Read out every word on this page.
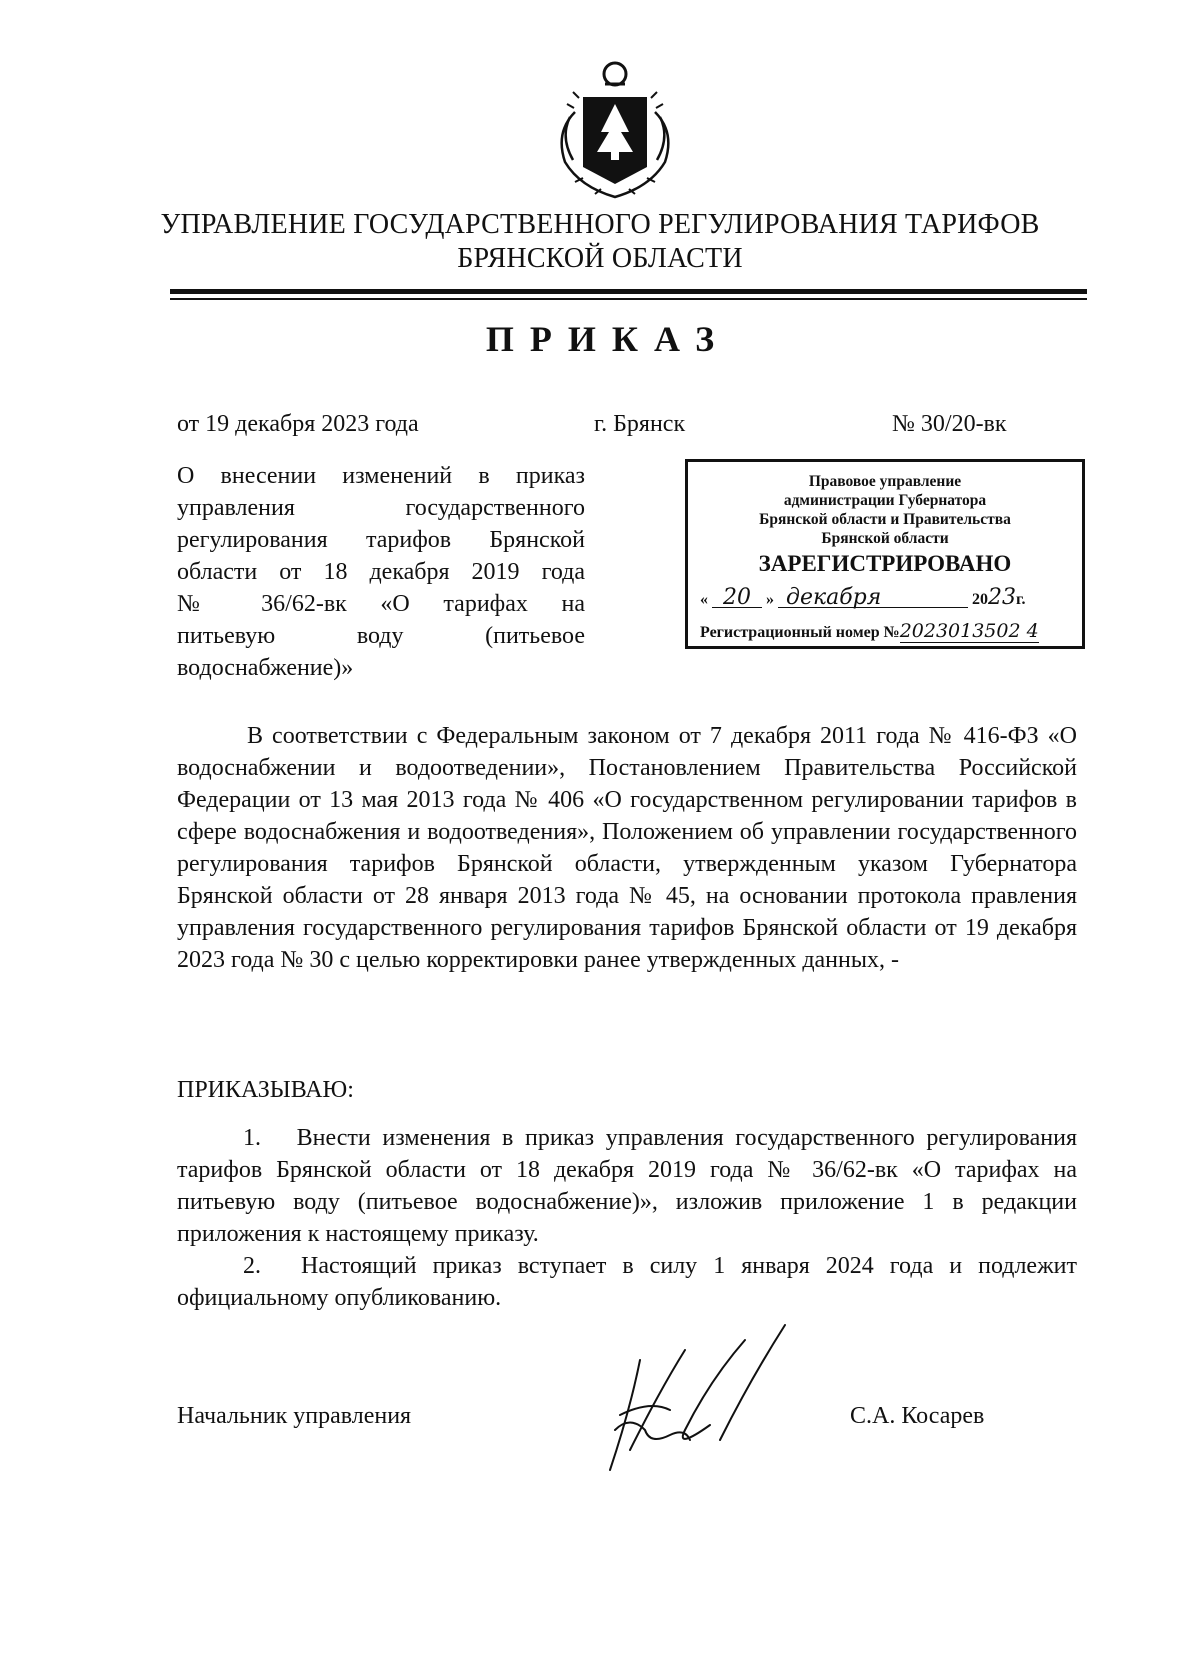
УПРАВЛЕНИЕ ГОСУДАРСТВЕННОГО РЕГУЛИРОВАНИЯ ТАРИФОВ
БРЯНСКОЙ ОБЛАСТИ
ПРИКАЗ
от 19 декабря 2023 года	г. Брянск	№ 30/20-вк
О внесении изменений в приказ
управления государственного
регулирования тарифов Брянской
области от 18 декабря 2019 года
№ 36/62-вк «О тарифах на
питьевую воду (питьевое
водоснабжение)»
Правовое управление
администрации Губернатора
Брянской области и Правительства
Брянской области
ЗАРЕГИСТРИРОВАНО
« 20 » декабря	2023г.
Регистрационный номер №2023013502 4
В соответствии с Федеральным законом от 7 декабря 2011 года № 416-ФЗ «О водоснабжении и водоотведении», Постановлением Правительства Российской Федерации от 13 мая 2013 года № 406 «О государственном регулировании тарифов в сфере водоснабжения и водоотведения», Положением об управлении государственного регулирования тарифов Брянской области, утвержденным указом Губернатора Брянской области от 28 января 2013 года № 45, на основании протокола правления управления государственного регулирования тарифов Брянской области от 19 декабря 2023 года № 30 с целью корректировки ранее утвержденных данных, -
ПРИКАЗЫВАЮ:
1.  Внести изменения в приказ управления государственного регулирования тарифов Брянской области от 18 декабря 2019 года № 36/62-вк «О тарифах на питьевую воду (питьевое водоснабжение)», изложив приложение 1 в редакции приложения к настоящему приказу.
2.  Настоящий приказ вступает в силу 1 января 2024 года и подлежит официальному опубликованию.
Начальник управления	С.А. Косарев
